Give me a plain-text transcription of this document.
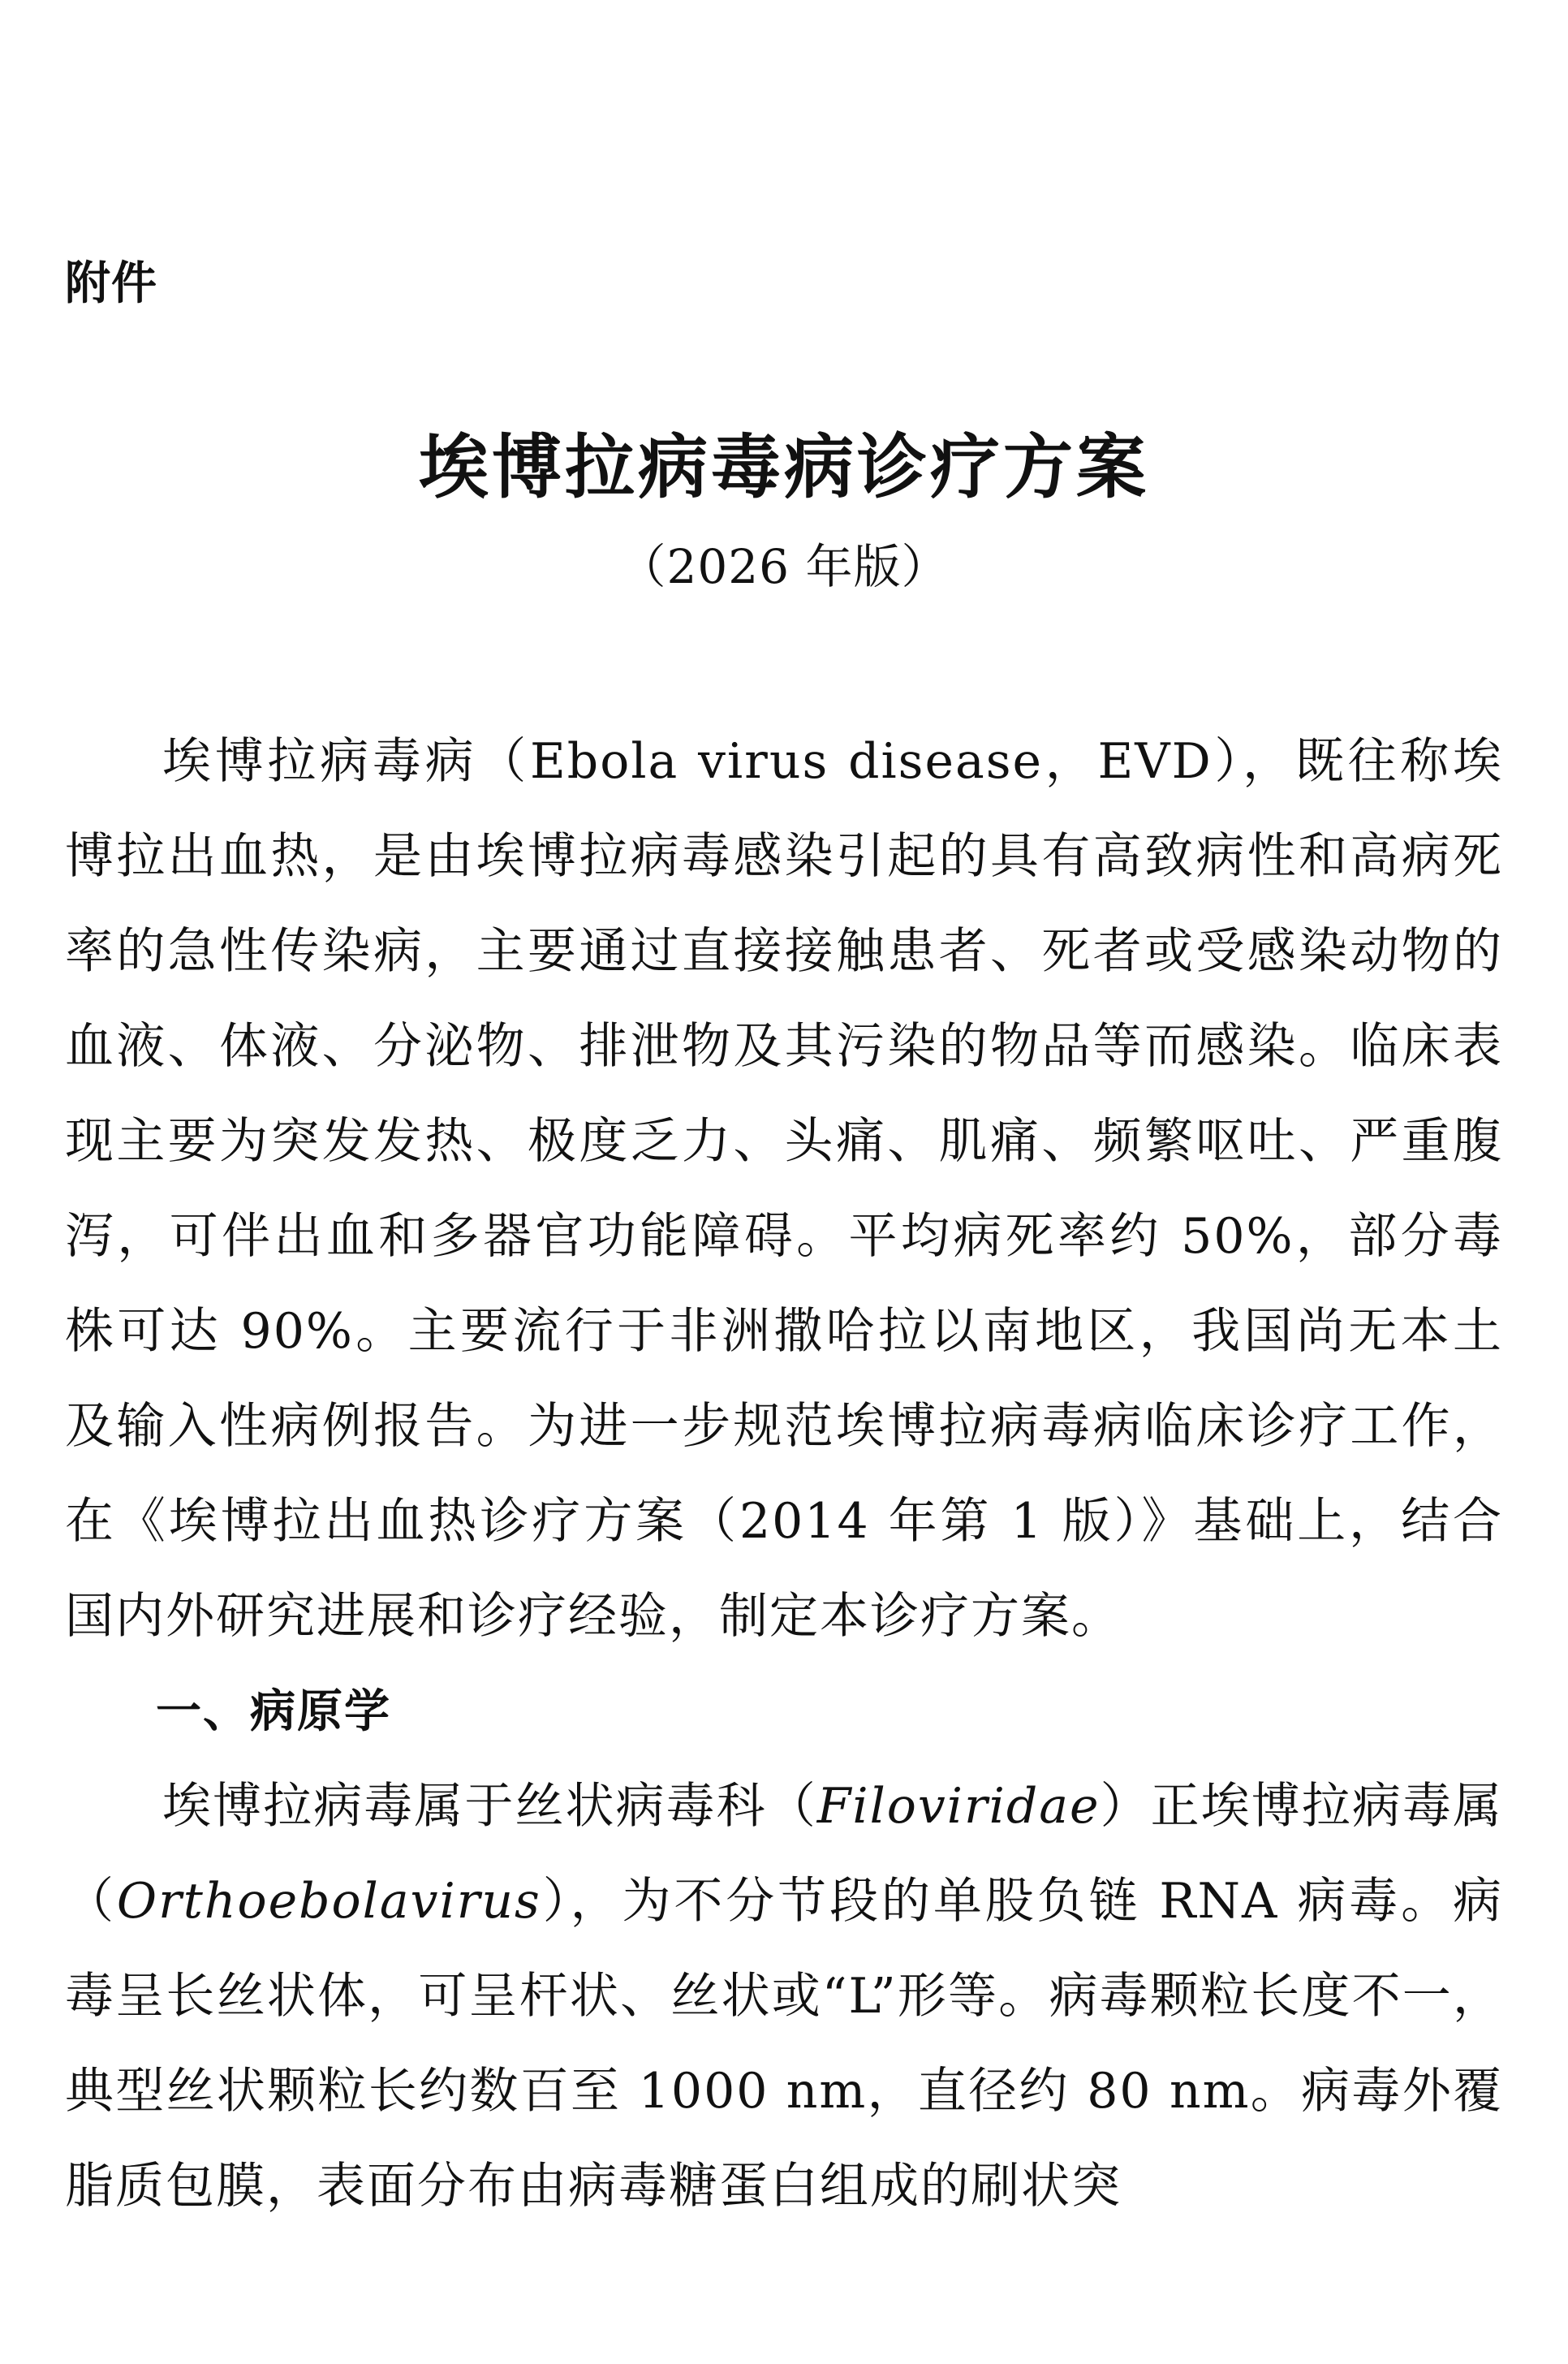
附件
埃博拉病毒病诊疗方案
（2026 年版）

埃博拉病毒病（Ebola virus disease，EVD），既往称埃博拉出血热，是由埃博拉病毒感染引起的具有高致病性和高病死率的急性传染病，主要通过直接接触患者、死者或受感染动物的血液、体液、分泌物、排泄物及其污染的物品等而感染。临床表现主要为突发发热、极度乏力、头痛、肌痛、频繁呕吐、严重腹泻，可伴出血和多器官功能障碍。平均病死率约 50%，部分毒株可达 90%。主要流行于非洲撒哈拉以南地区，我国尚无本土及输入性病例报告。为进一步规范埃博拉病毒病临床诊疗工作，在《埃博拉出血热诊疗方案（2014 年第 1 版）》基础上，结合国内外研究进展和诊疗经验，制定本诊疗方案。

一、病原学

埃博拉病毒属于丝状病毒科（Filoviridae）正埃博拉病毒属（Orthoebolavirus），为不分节段的单股负链 RNA 病毒。病毒呈长丝状体，可呈杆状、丝状或“L”形等。病毒颗粒长度不一，典型丝状颗粒长约数百至 1000 nm，直径约 80 nm。病毒外覆脂质包膜，表面分布由病毒糖蛋白组成的刷状突
